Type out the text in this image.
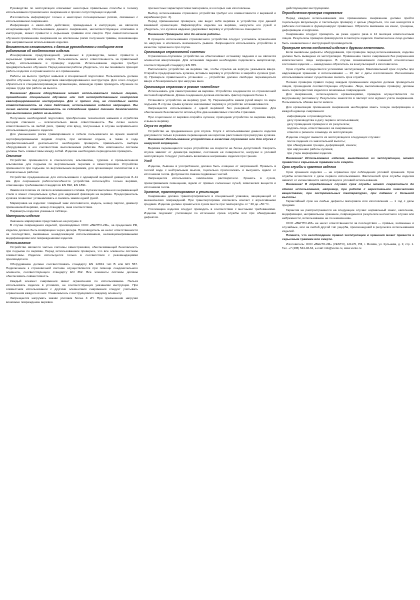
Руководство по эксплуатации описывает некоторые правильные способы и технику использования страховочного снаряжения и прочих сопутствующих изделий.

Изготовитель информирует только о некоторых потенциальных рисках, связанных с использованием снаряжения.

Информация о каких-либо действиях, приведенных в инструкции, не является исчерпывающей. Использование данного снаряжения, несоответствующее описанию в инструкции, может привести к серьезным травмам или смерти. При самостоятельном обучении применению снаряжения не исключены риски получения травмы, возникающие при неправильном использовании изделия.

Внимательно ознакомьтесь с данным руководством и сообщите всем работникам об особенностях изделия.

Игнорирование предупреждений, указанных в руководстве, может привести к серьезным травмам или смерти. Пользователь несет ответственность за правильный выбор, использование и проверку изделия. Использование изделия требует предварительного обучения. Перед началом работы убедитесь, что вы понимаете принцип работы изделия и ограничения по его применению.

Работы на высоте требуют навыков и специальной подготовки. Пользователь должен пройти обучение под руководством квалифицированного инструктора. Для этого следует обратиться в специализированную организацию, имеющую право проводить обучение по охране труда при работе на высоте.

Внимание! Данное оборудование может использоваться только лицами, прошедшими специальное обучение или под непосредственным контролем квалифицированного инструктора. Для и прочих лиц, не способных нести ответственность за свои действия, использование изделия запрещено. Вы лично несете ответственность за соблюдение правил техники безопасности при выполнении работ на высоте.

Получение необходимой подготовки, приобретение технических навыков и отработка методов спасения — исключительно ваша ответственность. Вы лично несете ответственность за любой риск, травму или вред, полученные в случае неправильного использования данного изделия.

Для уменьшения риска травмирования и гибели пользователя во время занятий сертифицированными видами спорта, при активном отдыхе, а также в ходе профессиональной деятельности необходимо проверить правильность выбора оборудования и его соответствие выполняемым работам. Все компоненты системы должны быть совместимы между собой. Изделие необходимо периодически проверять.

Описание

Устройство применяется в спелеологии, альпинизме, туризме и промышленном альпинизме для подъема по вертикальным перилам и самостраховки. Устройство применяется при подъеме по вертикальным веревкам, для организации полиспастов и в спасательных работах.

Устройство предназначено для использования с одинарной верёвкой диаметром 8–11 мм. Для сохранения работоспособности устройства используйте только верёвки, отвечающие требованиям стандартов EN 892, EN 1891.

Зажим изготовлен из лёгкого алюминиевого сплава. Кулачок выполнен из нержавеющей стали и имеет специальные зубья для надёжной фиксации на верёвке. Предохранитель кулачка позволяет устанавливать и снимать зажим одной рукой.

Маркировка на изделии: товарный знак изготовителя, модель, номер партии, диаметр применяемой верёвки, номер стандарта, знак соответствия.

Параметры изделия указаны в таблице.

Материалы изделия

Значение маркировки представлено на рисунке 2.

В случае повреждения изделий, производимых ООО «ВЕНТО-2М», за пределами РФ, изделие должно быть возвращено через дилера. Производитель не несет ответственности за последствия, вызванные ненадлежащим использованием, несанкционированными модификациями или повреждениями изделия.

Использование

Устройство является частью системы самостраховки, обеспечивающей безопасность при подъеме по верёвке. Перед использованием проверьте, что все элементы системы совместимы. Изделие используется только в соответствии с рекомендациями производителя.

Оборудование должно соответствовать стандарту EN 12841 тип B или EN 567. Подключение к страховочной системе осуществляется при помощи соединительного элемента, соответствующего стандарту EN 362. Все элементы системы должны обеспечивать совместимость.

Каждый элемент снаряжения имеет ограничения по использованию. Нельзя использовать изделие в условиях, не соответствующих указаниям инструкции. При совместном использовании с другими элементами снаряжения следует учитывать ограничения каждого из них. Ознакомьтесь с инструкциями к каждому элементу.

Запрещается нагружать зажим усилием более 4 кН. При превышении нагрузки возможно повреждение верёвки.

прочностных характеристиках материала, из которых они изготовлены.

Выбор, использование страхового устройства требует его совместимости с верёвкой и карабином (рис. 3).

Перед применением проверьте, как ведет себя верёвка в устройстве при данной взаимной ориентации. Зафиксируйте изделие на верёвке, нагрузите его рукой и убедитесь, что кулачок надежно удерживает верёвку и устройство не смещается.

Внимание! Проверьте это до начала работы.

В процессе использования страховочного устройства следует учитывать ограничения по нагрузке и исключать возможность рывков. Запрещается использовать устройство в качестве тормозного при спуске.

Организация страховочной системы

Страховочно-спусковое устройство не обеспечивает остановку падения и не является элементом амортизации. Для остановки падения необходимо подключить амортизатор, соответствующий стандарту EN 355.

Расположите устройство на верёвке так, чтобы стрелка на корпусе указывала вверх. Откройте предохранитель кулачка, вставьте верёвку в устройство и закройте кулачок (рис. 4). Проверьте правильность установки — устройство должно свободно перемещаться вверх и блокироваться при нагрузке вниз.

Организация страховки в режиме «автоблок»

Использовать для самостраховки на верёвке. Устройство соединяется со страховочной системой карабином. Длина соединения должна исключать фактор падения более 1.

Установите устройство на верёвку (рис. 5). Перемещайте зажим рукой вверх по мере подъема. В случае срыва кулачок заклинивает верёвку и устройство останавливается.

Запрещается использование с одной верёвкой без резервной страховки. Для обеспечения безопасности используйте два независимых способа страховки.

При отцеплении от верёвки откройте кулачок, приподняв устройство по верёвке вверх, и выньте верёвку.

Спуск по верёвке

Устройство не предназначено для спуска. Спуск с использованием данного изделия допускается только в режиме перемещения на короткие расстояния при разгрузке кулачка.

Внимание! Использование устройства в качестве спускового или для спуска с нагрузкой запрещено.

Верёвка перемещается через устройство на скорости не более допустимой. Скорость спуска зависит от диаметра верёвки, состояния её поверхности, нагрузки и условий эксплуатации. Следует учитывать возможное нагревание изделия при трении.

Уход

Изделие, бывшее в употреблении, должно быть очищено от загрязнений. Промыть в теплой воде с нейтральным мылом, тщательно прополоскать и высушить вдали от источников тепла. Допускается смазка подвижных частей.

Запрещается использовать химические растворители. Хранить в сухом, проветриваемом помещении, вдали от прямых солнечных лучей, химических веществ и источников тепла.

Хранение, транспортирование и утилизация

Снаряжение должно транспортироваться в специальной упаковке, защищающей от механических повреждений. При транспортировке исключить контакт с агрессивными средами. Изделие должно храниться в сухом месте при температуре от −40 до +50 °С.

Утилизацию изделия следует проводить в соответствии с местными требованиями. Изделие подлежит утилизации по истечении срока службы или при обнаружении дефектов.

действующими инструкциями.

Периодическая проверка снаряжения

Перед каждым использованием все применяемое снаряжение должно пройти тщательную визуальную и тактильную проверку с целью убедиться, что оно находится в рабочем состоянии и функционирует правильно. Обратите внимание на износ, трещины, деформацию и коррозию.

Снаряжение следует проверять не реже одного раза в 12 месяцев компетентным лицом. Результаты проверки фиксируются в паспорте изделия. Компетентное лицо должно быть ознакомлено с инструкцией производителя.

Проверьте места соединений изделия с другими элементами.

Если выявлены дефекты оборудования, при проверке перед использованием, изделие должно быть выведено из эксплуатации. Применение такого снаряжения без разрешения компетентного лица запрещено. В случае возникновения сомнений относительно состояния изделия — немедленно обратитесь за консультацией к изготовителю.

Срок службы определяется условиями эксплуатации. Максимальный срок службы при надлежащем хранении и использовании — 10 лет с даты изготовления. Интенсивное использование может существенно снизить срок службы.

Полная проверка правил перед каждым применением изделия должна проводиться лицом, прошедшим соответствующее обучение. Лица, выполняющие проверку, должны знать характеристики изделия и возможные повреждения.

Для снаряжения, используемого организациями, проверка осуществляется по внутреннему регламенту. Результаты заносятся в паспорт или журнал учёта снаряжения. Пользователь обязан вести записи.

Для организации применения снаряжения необходимо иметь точную информацию о каждой единице снаряжения:

• информацию о производителе;
• дату производства и дату первого использования;
• дату проведения проверок и их результаты;
• подпись лица, ответственного за снаряжение;
• отметки о ремонте и выводе из эксплуатации.

Изделие следует вывести из эксплуатации в следующих случаях:

• после падения со значительной высоты;
• при обнаружении трещин, деформаций, износа;
• при нарушении работы кулачка;
• при утере маркировки изделия.

Внимание! Использование изделия, выведенного из эксплуатации, может привести к серьезным травмам или смерти.

Срок службы и хранения изделия

Срок хранения изделия — не ограничен при соблюдении условий хранения. Срок службы исчисляется с даты первого использования. Фактический срок службы изделия зависит от интенсивности эксплуатации и условий использования.

Внимание! В определенных случаях срок службы может сократиться до одного использования, например, при работе с агрессивными химическими веществами, при экстремальных температурах, при падении с большой высоты.

Гарантийный срок на любые дефекты материала или изготовления — 1 год с даты продажи.

Гарантия не распространяется на следующие случаи: нормальный износ, окисление, модификации, неправильное хранение, повреждения в результате несчастного случая или небрежности, использование не по назначению.

ООО «ВЕНТО-2М» не несет ответственности за последствия — прямые, косвенные и случайные, или за любой другой тип ущерба, произошедший в результате использования изделий.

Помните, что несоблюдение правил эксплуатации и хранения может привести к серьезным травмам или смерти.

Изготовитель: ООО «ВЕНТО-2М» (VENTO), 121170, РФ, г. Москва, ул. Кульнева, д. 3, стр. 1. Тел. +7 (495) 544-46-64, e-mail: info@vento.ru, www.vento.ru
